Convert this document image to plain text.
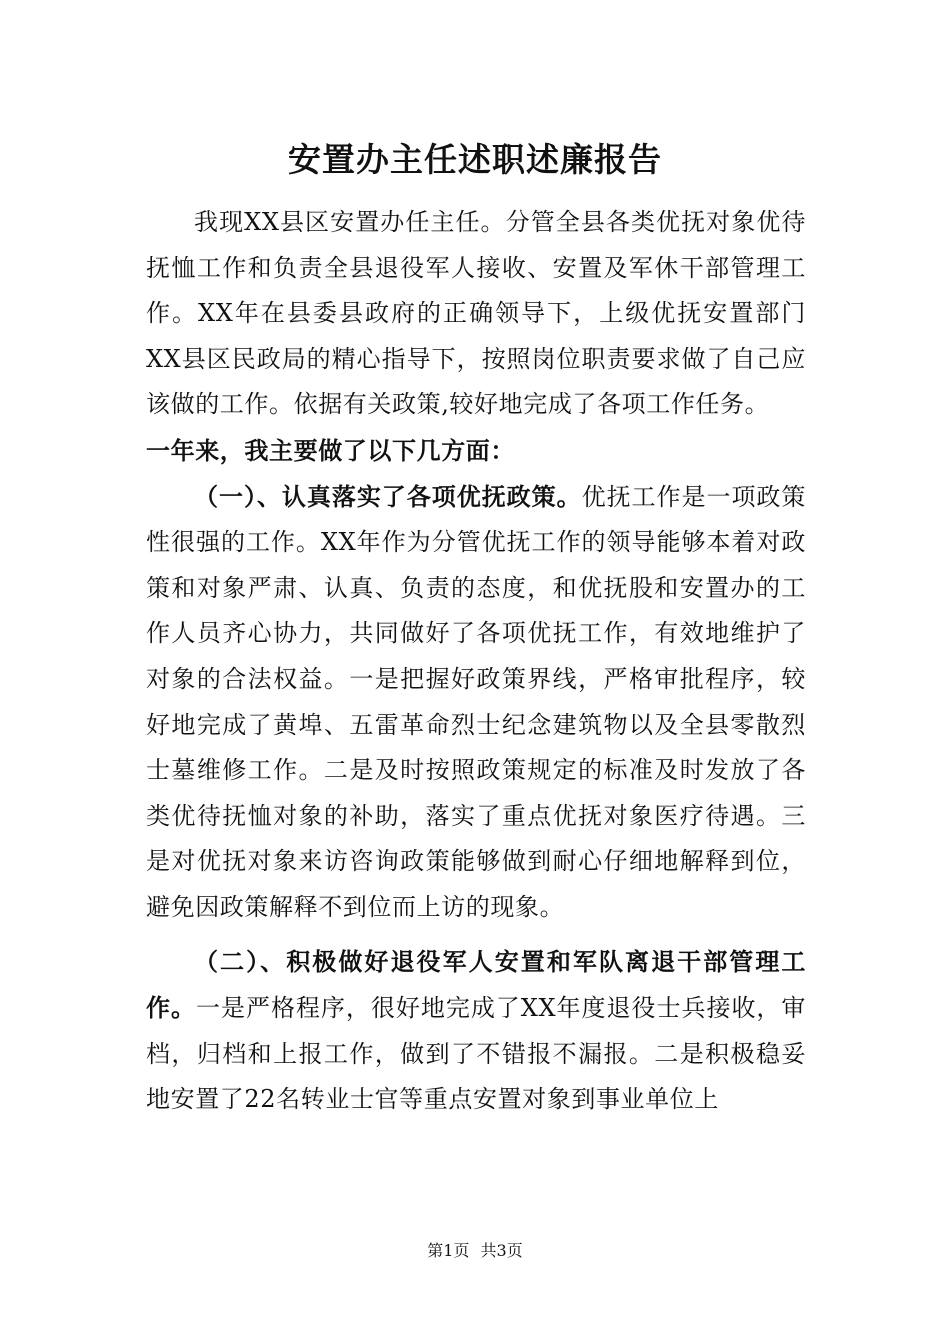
安置办主任述职述廉报告

我现XX县区安置办任主任。分管全县各类优抚对象优待抚恤工作和负责全县退役军人接收、安置及军休干部管理工作。XX年在县委县政府的正确领导下，上级优抚安置部门XX县区民政局的精心指导下，按照岗位职责要求做了自己应该做的工作。依据有关政策,较好地完成了各项工作任务。

一年来，我主要做了以下几方面：

（一）、认真落实了各项优抚政策。优抚工作是一项政策性很强的工作。XX年作为分管优抚工作的领导能够本着对政策和对象严肃、认真、负责的态度，和优抚股和安置办的工作人员齐心协力，共同做好了各项优抚工作，有效地维护了对象的合法权益。一是把握好政策界线，严格审批程序，较好地完成了黄埠、五雷革命烈士纪念建筑物以及全县零散烈士墓维修工作。二是及时按照政策规定的标准及时发放了各类优待抚恤对象的补助，落实了重点优抚对象医疗待遇。三是对优抚对象来访咨询政策能够做到耐心仔细地解释到位，避免因政策解释不到位而上访的现象。

（二）、积极做好退役军人安置和军队离退干部管理工作。一是严格程序，很好地完成了XX年度退役士兵接收，审档，归档和上报工作，做到了不错报不漏报。二是积极稳妥地安置了22名转业士官等重点安置对象到事业单位上

第1页 共3页
